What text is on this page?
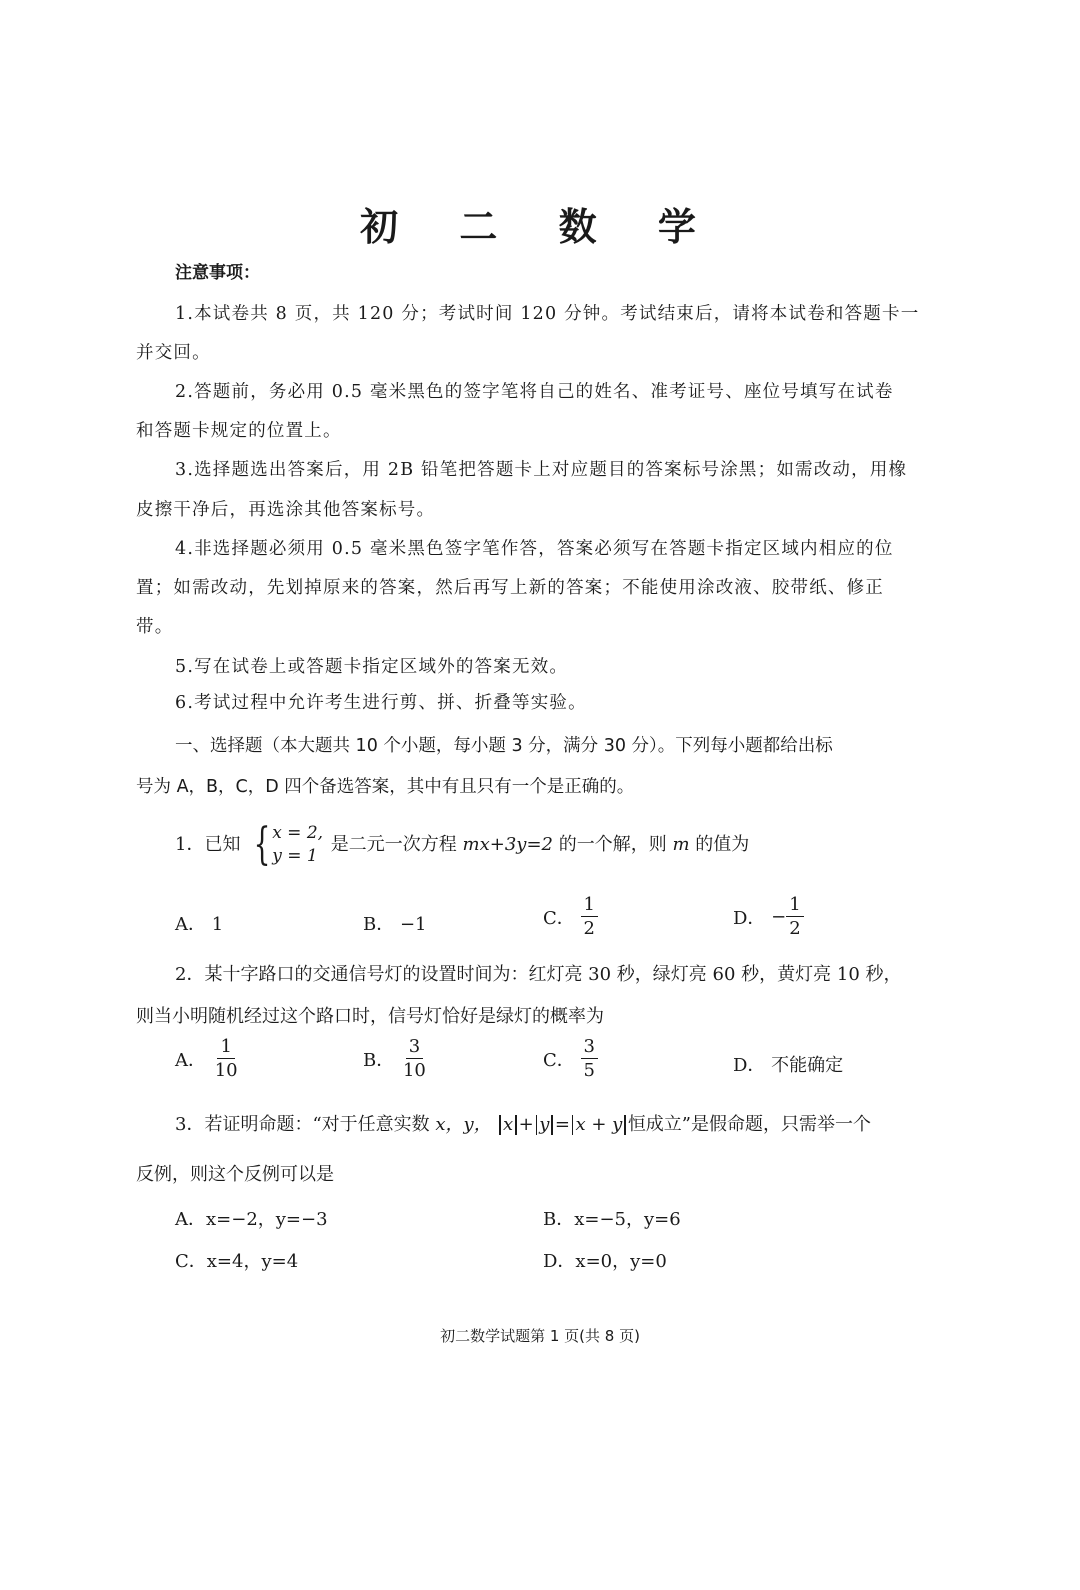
初 二 数 学
注意事项：
1.本试卷共 8 页，共 120 分；考试时间 120 分钟。考试结束后，请将本试卷和答题卡一
并交回。
2.答题前，务必用 0.5 毫米黑色的签字笔将自己的姓名、准考证号、座位号填写在试卷
和答题卡规定的位置上。
3.选择题选出答案后，用 2B 铅笔把答题卡上对应题目的答案标号涂黑；如需改动，用橡
皮擦干净后，再选涂其他答案标号。
4.非选择题必须用 0.5 毫米黑色签字笔作答，答案必须写在答题卡指定区域内相应的位
置；如需改动，先划掉原来的答案，然后再写上新的答案；不能使用涂改液、胶带纸、修正
带。
5.写在试卷上或答题卡指定区域外的答案无效。
6.考试过程中允许考生进行剪、拼、折叠等实验。
一、选择题（本大题共 10 个小题，每小题 3 分，满分 30 分）。下列每小题都给出标
号为 A，B，C，D 四个备选答案，其中有且只有一个是正确的。
1．已知 { x = 2,
y = 1
是二元一次方程 mx+3y=2 的一个解，则 m 的值为
A． 1	B． −1	C． $\frac{1}{2}$	D． − $\frac{1}{2}$
2．某十字路口的交通信号灯的设置时间为：红灯亮 30 秒，绿灯亮 60 秒，黄灯亮 10 秒，
则当小明随机经过这个路口时，信号灯恰好是绿灯的概率为
A． $\frac{1}{10}$	B． $\frac{3}{10}$	C． $\frac{3}{5}$	D． 不能确定
3．若证明命题：“对于任意实数 x，y， x + y = x + y 恒成立”是假命题，只需举一个
反例，则这个反例可以是
A．x=−2，y=−3	B．x=−5，y=6
C．x=4，y=4	D．x=0，y=0
初二数学试题第 1 页(共 8 页)
